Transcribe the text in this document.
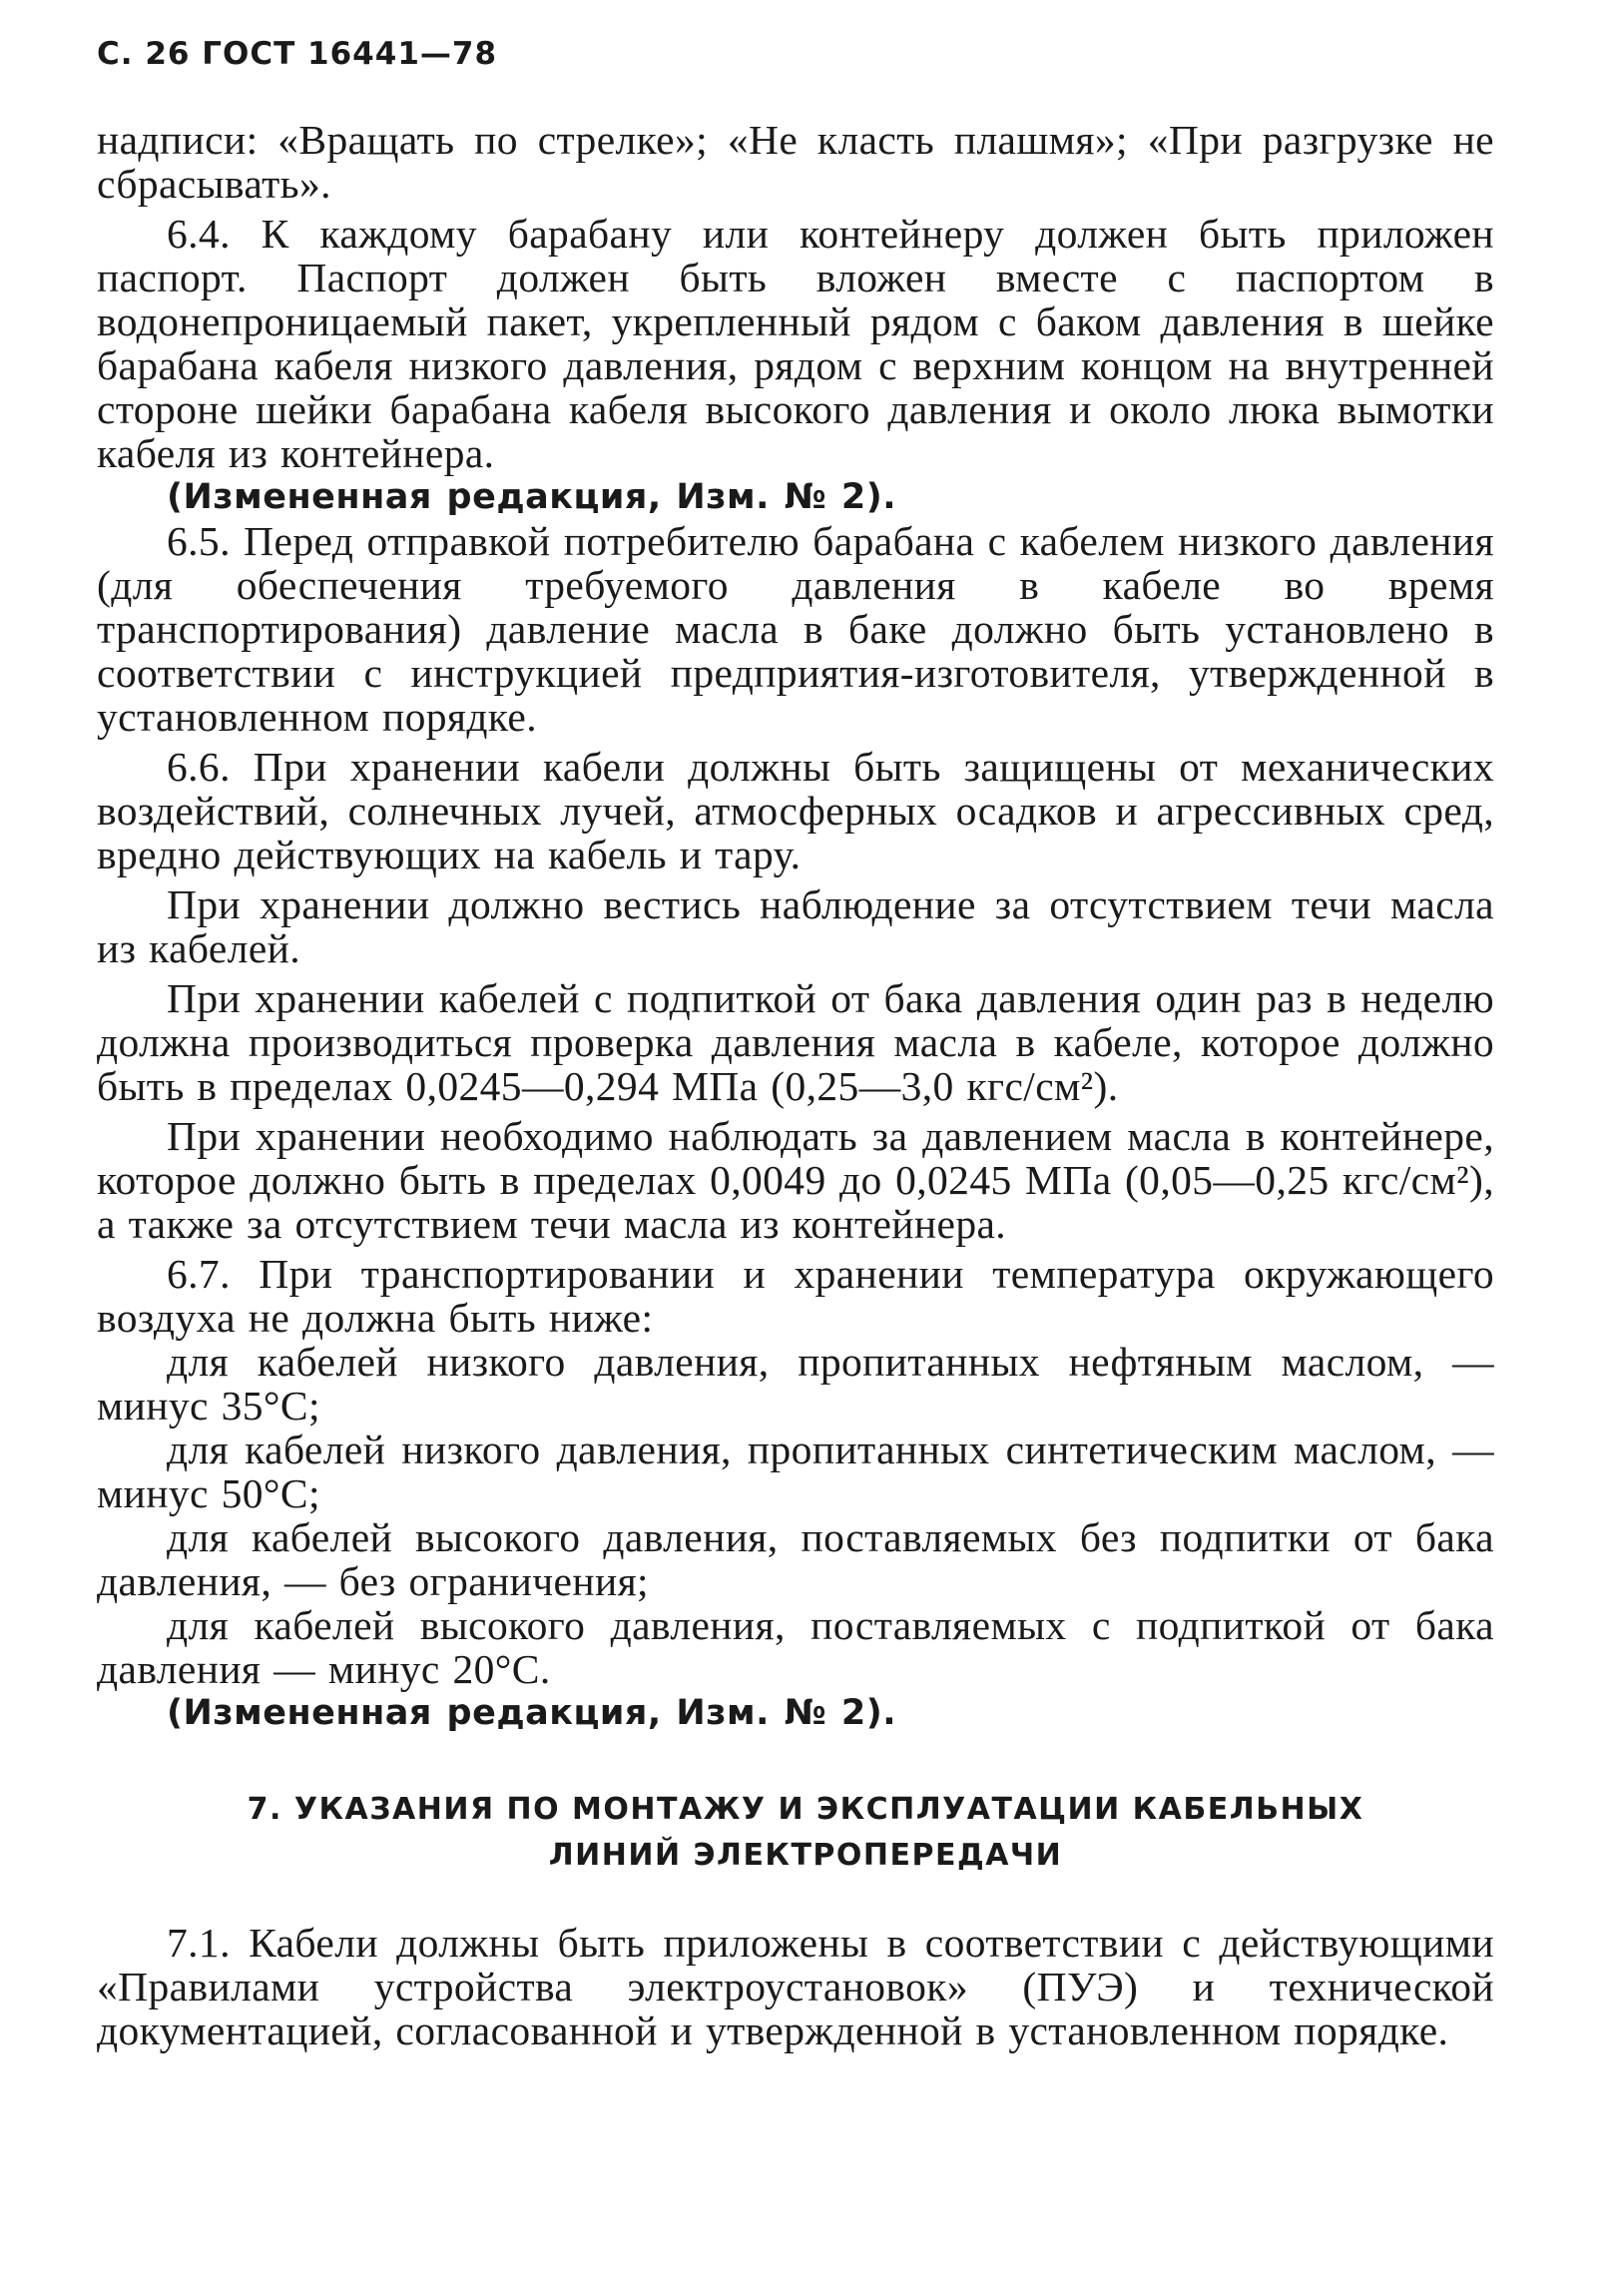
С. 26 ГОСТ 16441—78

надписи: «Вращать по стрелке»; «Не класть плашмя»; «При разгрузке не сбрасывать».

6.4. К каждому барабану или контейнеру должен быть приложен паспорт. Паспорт должен быть вложен вместе с паспортом в водонепроницаемый пакет, укрепленный рядом с баком давления в шейке барабана кабеля низкого давления, рядом с верхним концом на внутренней стороне шейки барабана кабеля высокого давления и около люка вымотки кабеля из контейнера.

(Измененная редакция, Изм. № 2).

6.5. Перед отправкой потребителю барабана с кабелем низкого давления (для обеспечения требуемого давления в кабеле во время транспортирования) давление масла в баке должно быть установлено в соответствии с инструкцией предприятия-изготовителя, утвержденной в установленном порядке.

6.6. При хранении кабели должны быть защищены от механических воздействий, солнечных лучей, атмосферных осадков и агрессивных сред, вредно действующих на кабель и тару.

При хранении должно вестись наблюдение за отсутствием течи масла из кабелей.

При хранении кабелей с подпиткой от бака давления один раз в неделю должна производиться проверка давления масла в кабеле, которое должно быть в пределах 0,0245—0,294 МПа (0,25—3,0 кгс/см²).

При хранении необходимо наблюдать за давлением масла в контейнере, которое должно быть в пределах 0,0049 до 0,0245 МПа (0,05—0,25 кгс/см²), а также за отсутствием течи масла из контейнера.

6.7. При транспортировании и хранении температура окружающего воздуха не должна быть ниже:

для кабелей низкого давления, пропитанных нефтяным маслом, — минус 35°С;

для кабелей низкого давления, пропитанных синтетическим маслом, — минус 50°С;

для кабелей высокого давления, поставляемых без подпитки от бака давления, — без ограничения;

для кабелей высокого давления, поставляемых с подпиткой от бака давления — минус 20°С.

(Измененная редакция, Изм. № 2).

7. УКАЗАНИЯ ПО МОНТАЖУ И ЭКСПЛУАТАЦИИ КАБЕЛЬНЫХ
ЛИНИЙ ЭЛЕКТРОПЕРЕДАЧИ

7.1. Кабели должны быть приложены в соответствии с действующими «Правилами устройства электроустановок» (ПУЭ) и технической документацией, согласованной и утвержденной в установленном порядке.
